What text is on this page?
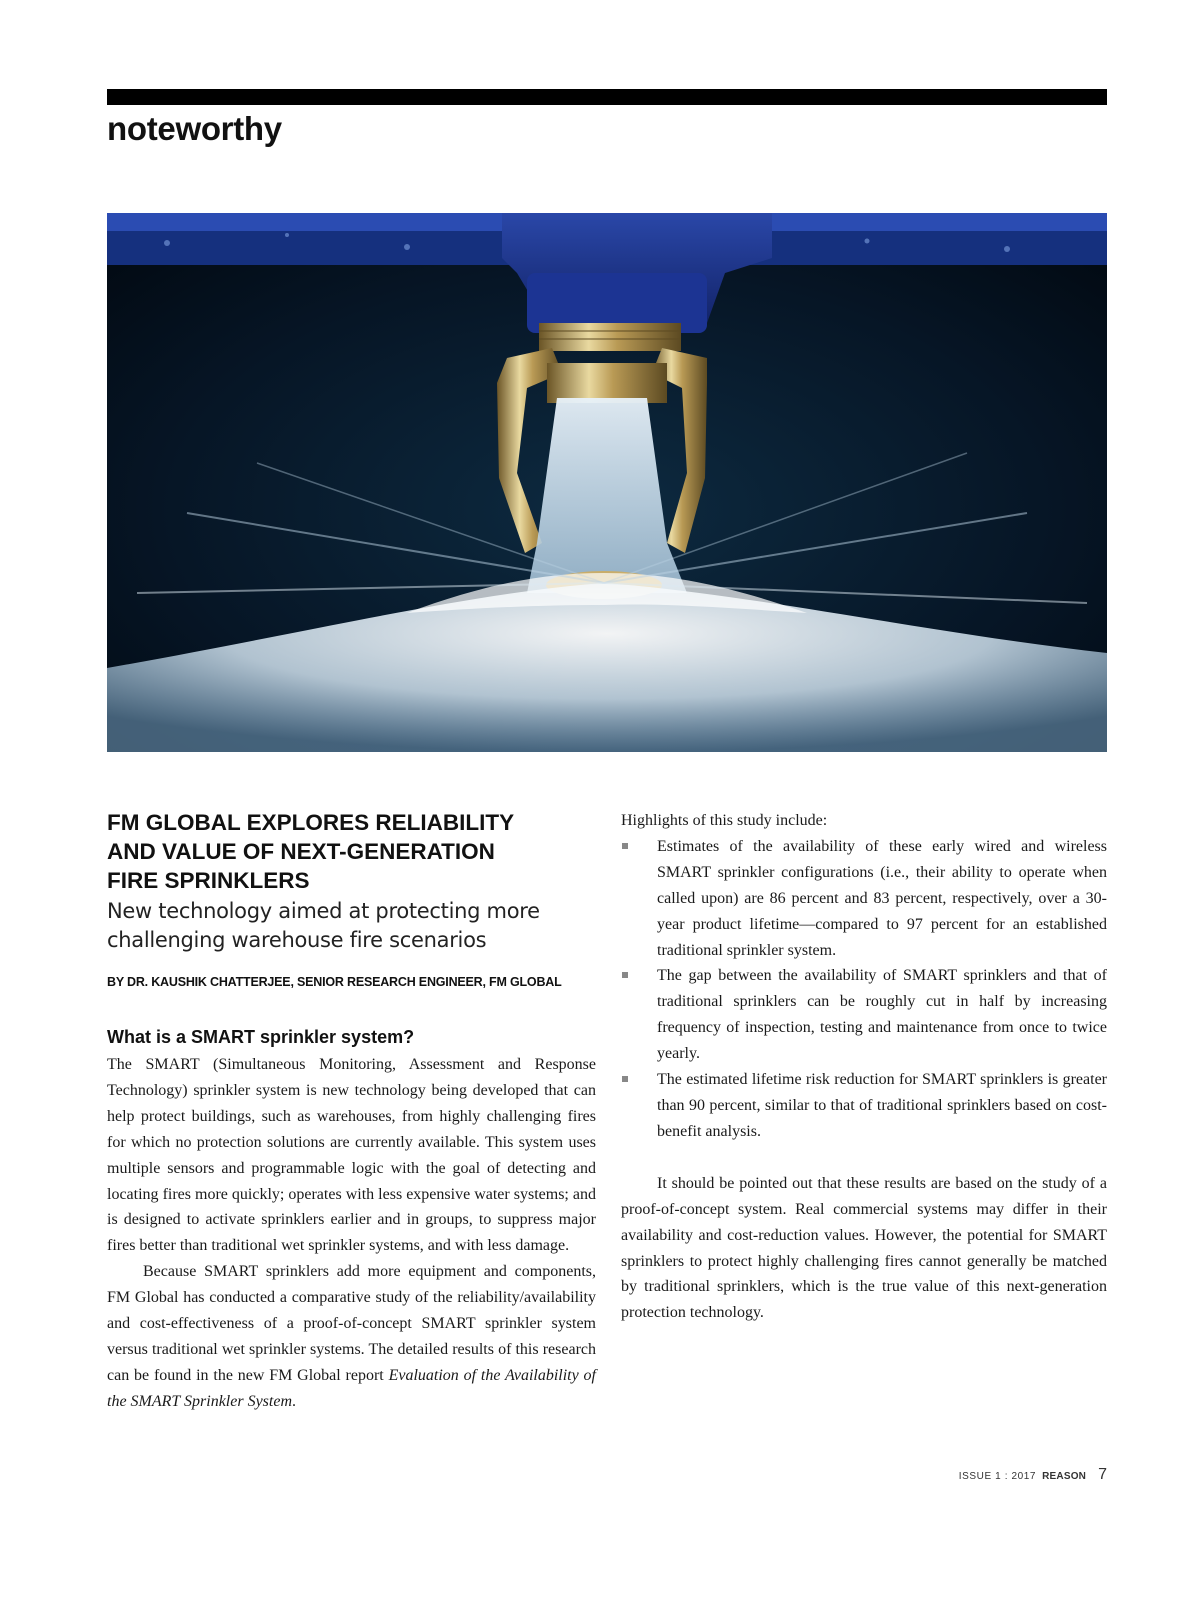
noteworthy
FM GLOBAL EXPLORES RELIABILITY
AND VALUE OF NEXT-GENERATION
FIRE SPRINKLERS

New technology aimed at protecting more
challenging warehouse fire scenarios

BY DR. KAUSHIK CHATTERJEE, SENIOR RESEARCH ENGINEER, FM GLOBAL

What is a SMART sprinkler system?

The SMART (Simultaneous Monitoring, Assessment and Response Technology) sprinkler system is new technology being developed that can help protect buildings, such as warehouses, from highly challenging fires for which no protection solutions are currently available. This system uses multiple sensors and programmable logic with the goal of detecting and locating fires more quickly; operates with less expensive water systems; and is designed to activate sprinklers earlier and in groups, to suppress major fires better than traditional wet sprinkler systems, and with less damage.

Because SMART sprinklers add more equipment and components, FM Global has conducted a comparative study of the reliability/availability and cost-effectiveness of a proof-of-concept SMART sprinkler system versus traditional wet sprinkler systems. The detailed results of this research can be found in the new FM Global report Evaluation of the Availability of the SMART Sprinkler System.

Highlights of this study include:

Estimates of the availability of these early wired and wireless SMART sprinkler configurations (i.e., their ability to operate when called upon) are 86 percent and 83 percent, respectively, over a 30-year product lifetime—compared to 97 percent for an established traditional sprinkler system.
The gap between the availability of SMART sprinklers and that of traditional sprinklers can be roughly cut in half by increasing frequency of inspection, testing and maintenance from once to twice yearly.
The estimated lifetime risk reduction for SMART sprinklers is greater than 90 percent, similar to that of traditional sprinklers based on cost-benefit analysis.

It should be pointed out that these results are based on the study of a proof-of-concept system. Real commercial systems may differ in their availability and cost-reduction values. However, the potential for SMART sprinklers to protect highly challenging fires cannot generally be matched by traditional sprinklers, which is the true value of this next-generation protection technology.

ISSUE 1 : 2017 REASON 7
